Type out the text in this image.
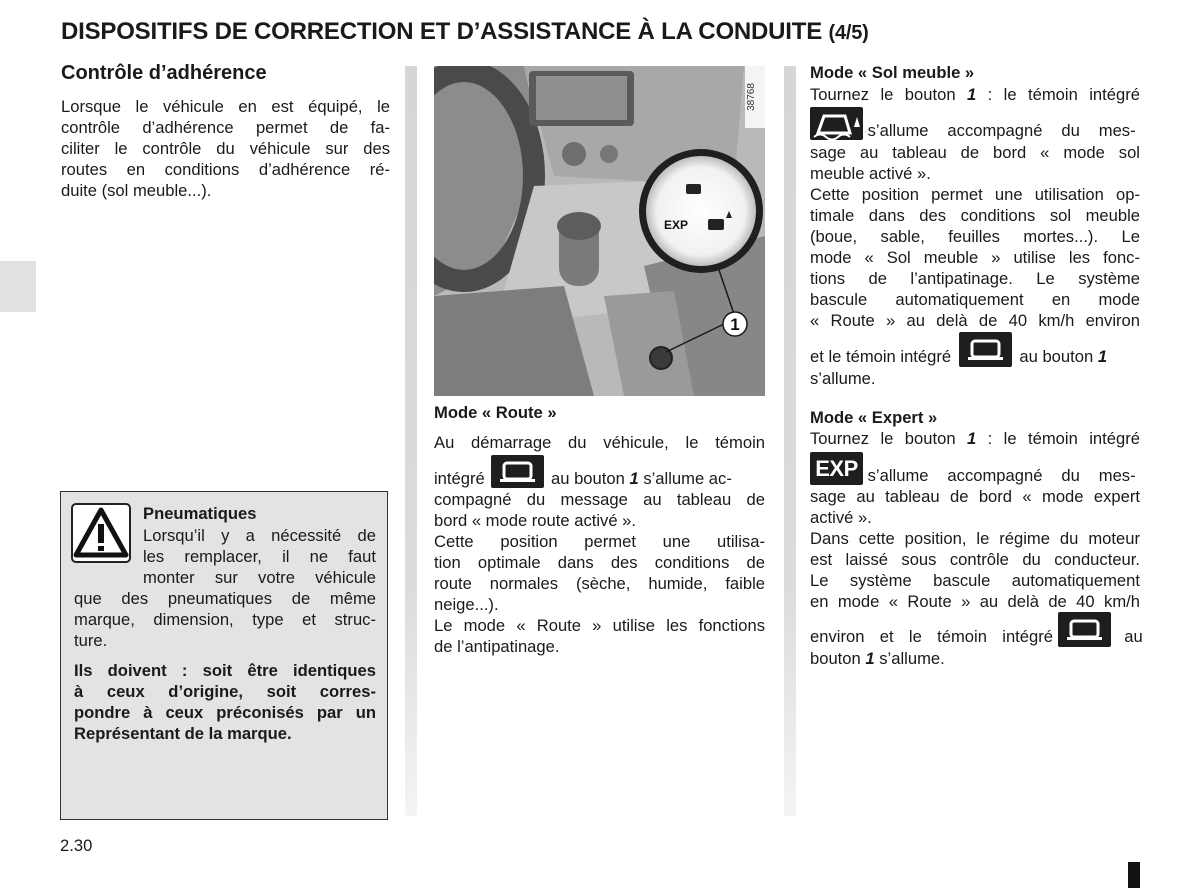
DISPOSITIFS DE CORRECTION ET D’ASSISTANCE À LA CONDUITE (4/5)
Contrôle d’adhérence
Lorsque le véhicule en est équipé, le
contrôle d’adhérence permet de fa-
ciliter le contrôle du véhicule sur des
routes en conditions d’adhérence ré-
duite (sol meuble...).
Pneumatiques
Lorsqu’il y a nécessité de
les remplacer, il ne faut
monter sur votre véhicule
que des pneumatiques de même
marque, dimension, type et struc-
ture.
Ils doivent : soit être identiques
à ceux d’origine, soit corres-
pondre à ceux préconisés par un
Représentant de la marque.
38768
EXP
1
Mode « Route »
Au démarrage du véhicule, le témoin
intégré	au bouton 1 s’allume ac-
compagné du message au tableau de
bord « mode route activé ».
Cette position permet une utilisa-
tion optimale dans des conditions de
route normales (sèche, humide, faible
neige...).
Le mode « Route » utilise les fonctions
de l’antipatinage.
Mode « Sol meuble »
Tournez le bouton 1 : le témoin intégré
s’allume accompagné du mes-
sage au tableau de bord « mode sol
meuble activé ».
Cette position permet une utilisation op-
timale dans des conditions sol meuble
(boue, sable, feuilles mortes...). Le
mode « Sol meuble » utilise les fonc-
tions de l’antipatinage. Le système
bascule automatiquement en mode
« Route » au delà de 40 km/h environ
et le témoin intégré	au bouton 1
s’allume.
Mode « Expert »
Tournez le bouton 1 : le témoin intégré
EXP s’allume accompagné du mes-
sage au tableau de bord « mode expert
activé ».
Dans cette position, le régime du moteur
est laissé sous contrôle du conducteur.
Le système bascule automatiquement
en mode « Route » au delà de 40 km/h
environ et le témoin intégré	au
bouton 1 s’allume.
2.30
